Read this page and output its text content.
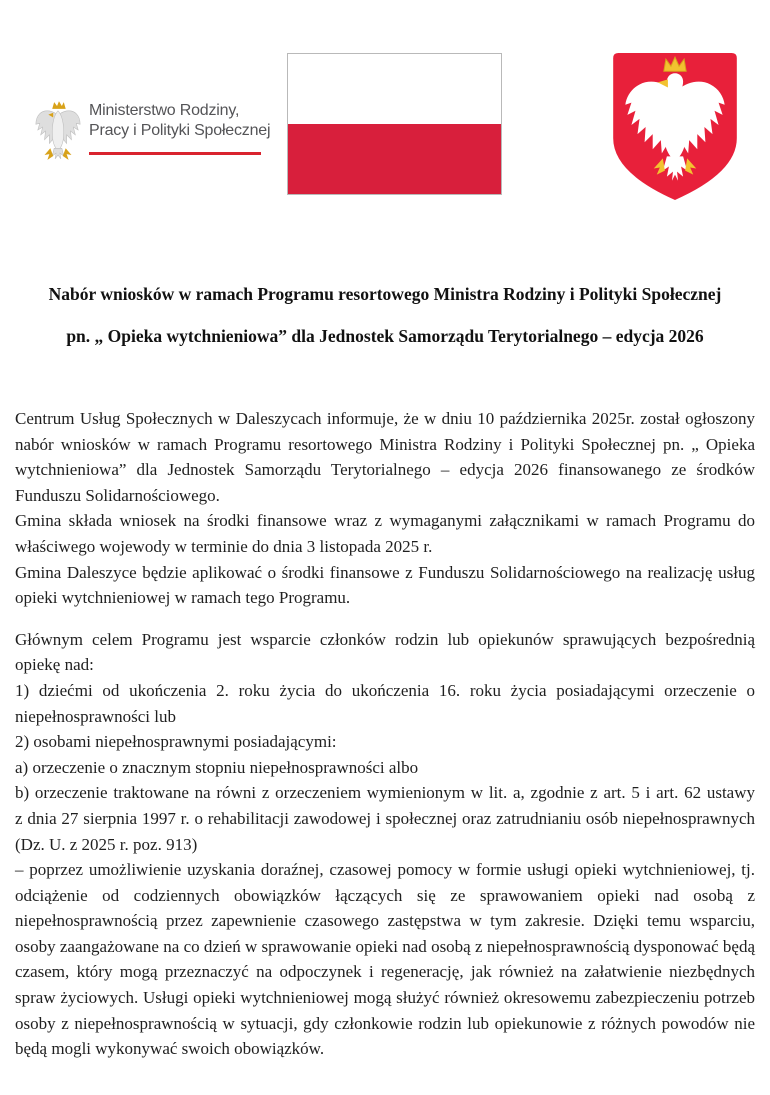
Ministerstwo Rodziny,
Pracy i Polityki Społecznej
Nabór wniosków w ramach Programu resortowego Ministra Rodziny i Polityki Społecznej
pn. „ Opieka wytchnieniowa” dla Jednostek Samorządu Terytorialnego – edycja 2026

Centrum Usług Społecznych w Daleszycach informuje, że w dniu 10 października 2025r. został ogłoszony nabór wniosków w ramach Programu resortowego Ministra Rodziny i Polityki Społecznej pn. „ Opieka wytchnieniowa” dla Jednostek Samorządu Terytorialnego – edycja 2026 finansowanego ze środków Funduszu Solidarnościowego.

Gmina składa wniosek na środki finansowe wraz z wymaganymi załącznikami w ramach Programu do właściwego wojewody w terminie do dnia 3 listopada 2025 r.

Gmina Daleszyce będzie aplikować o środki finansowe z Funduszu Solidarnościowego na realizację usług opieki wytchnieniowej w ramach tego Programu.

Głównym celem Programu jest wsparcie członków rodzin lub opiekunów sprawujących bezpośrednią opiekę nad:

1) dziećmi od ukończenia 2. roku życia do ukończenia 16. roku życia posiadającymi orzeczenie o niepełnosprawności lub

2) osobami niepełnosprawnymi posiadającymi:

a) orzeczenie o znacznym stopniu niepełnosprawności albo

b) orzeczenie traktowane na równi z orzeczeniem wymienionym w lit. a, zgodnie z art. 5 i art. 62 ustawy z dnia 27 sierpnia 1997 r. o rehabilitacji zawodowej i społecznej oraz zatrudnianiu osób niepełnosprawnych (Dz. U. z 2025 r. poz. 913)

– poprzez umożliwienie uzyskania doraźnej, czasowej pomocy w formie usługi opieki wytchnieniowej, tj. odciążenie od codziennych obowiązków łączących się ze sprawowaniem opieki nad osobą z niepełnosprawnością przez zapewnienie czasowego zastępstwa w tym zakresie. Dzięki temu wsparciu, osoby zaangażowane na co dzień w sprawowanie opieki nad osobą z niepełnosprawnością dysponować będą czasem, który mogą przeznaczyć na odpoczynek i regenerację, jak również na załatwienie niezbędnych spraw życiowych. Usługi opieki wytchnieniowej mogą służyć również okresowemu zabezpieczeniu potrzeb osoby z niepełnosprawnością w sytuacji, gdy członkowie rodzin lub opiekunowie z różnych powodów nie będą mogli wykonywać swoich obowiązków.
